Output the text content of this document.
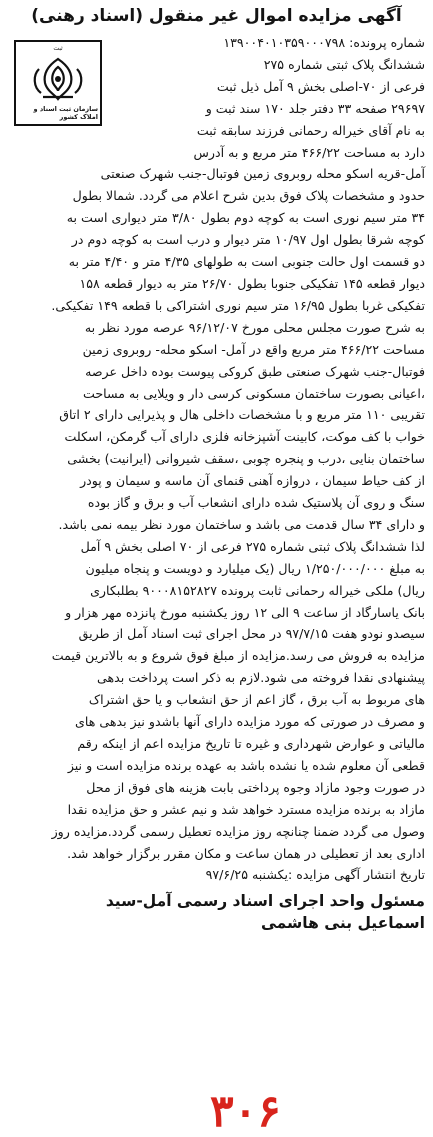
آگهی مزایده اموال غیر منقول (اسناد رهنی)
ثبت
سازمان ثبت اسناد و املاک کشور

شماره پرونده: ۱۳۹۰۰۴۰۱۰۳۵۹۰۰۰۷۹۸

ششدانگ پلاک ثبتی شماره ۲۷۵

فرعی از ۷۰-اصلی بخش ۹ آمل ذیل ثبت

۲۹۶۹۷ صفحه ۳۳ دفتر جلد ۱۷۰ سند ثبت و

به نام آقای خیراله رحمانی فرزند سابقه ثبت

دارد به مساحت ۴۶۶/۲۲ متر مربع و به آدرس

آمل-قریه اسکو محله روبروی زمین فوتبال-جنب شهرک صنعتی

حدود و مشخصات پلاک فوق بدین شرح اعلام می گردد. شمالا بطول

۳۴ متر سیم نوری است به کوچه دوم بطول ۳/۸۰ متر دیواری است به

کوچه شرقا بطول اول ۱۰/۹۷ متر دیوار و درب است به کوچه دوم در

دو قسمت اول حالت جنوبی است به طولهای ۴/۳۵ متر و ۴/۴۰ متر به

دیوار قطعه ۱۴۵ تفکیکی جنوبا بطول ۲۶/۷۰ متر به دیوار قطعه ۱۵۸

تفکیکی غربا بطول ۱۶/۹۵ متر سیم نوری اشتراکی با قطعه ۱۴۹ تفکیکی.

به شرح صورت مجلس محلی مورخ ۹۶/۱۲/۰۷ عرصه مورد نظر به

مساحت ۴۶۶/۲۲ متر مربع واقع در آمل- اسکو محله- روبروی زمین

فوتبال-جنب شهرک صنعتی طبق کروکی پیوست بوده داخل عرصه

،اعیانی بصورت ساختمان مسکونی کرسی دار و ویلایی به مساحت

تقریبی ۱۱۰ متر مربع و با مشخصات داخلی هال و پذیرایی دارای ۲ اتاق

خواب با کف موکت، کابینت آشپزخانه فلزی دارای آب گرمکن، اسکلت

ساختمان بنایی ،درب و پنجره چوبی ،سقف شیروانی (ایرانیت) بخشی

از کف حیاط سیمان ، دروازه آهنی قنمای آن ماسه و سیمان و پودر

سنگ و روی آن پلاستیک شده دارای انشعاب آب و برق و گاز بوده

و دارای ۳۴ سال قدمت می باشد و ساختمان مورد نظر بیمه نمی باشد.

لذا ششدانگ پلاک ثبتی شماره ۲۷۵ فرعی از ۷۰ اصلی بخش ۹ آمل

به مبلغ ۱/۲۵۰/۰۰۰/۰۰۰ ریال (یک میلیارد و دویست و پنجاه میلیون

ریال) ملکی خیراله رحمانی ثابت پرونده ۹۰۰۰۸۱۵۲۸۲۷ بطلبکاری

بانک یاسارگاد از ساعت ۹ الی ۱۲ روز یکشنبه مورخ پانزده مهر هزار و

سیصدو نودو هفت ۹۷/۷/۱۵ در محل اجرای ثبت اسناد آمل از طریق

مزایده به فروش می رسد.مزایده از مبلغ فوق شروع و به بالاترین قیمت

پیشنهادی نقدا فروخته می شود.لازم به ذکر است پرداخت بدهی

های مربوط به آب برق ، گاز اعم از حق انشعاب و یا حق اشتراک

و مصرف در صورتی که مورد مزایده دارای آنها باشدو نیز بدهی های

مالیاتی و عوارض شهرداری و غیره تا تاریخ مزایده اعم از اینکه رقم

قطعی آن معلوم شده یا نشده باشد به عهده برنده مزایده است و نیز

در صورت وجود مازاد وجوه پرداختی بابت هزینه های فوق از محل

مازاد به برنده مزایده مسترد خواهد شد و نیم عشر و حق مزایده نقدا

وصول می گردد ضمنا چنانچه روز مزایده تعطیل رسمی گردد.مزایده روز

اداری بعد از تعطیلی در همان ساعت و مکان مقرر برگزار خواهد شد.

تاریخ انتشار آگهی مزایده :یکشنبه ۹۷/۶/۲۵

مسئول واحد اجرای اسناد رسمی آمل-سید
اسماعیل بنی هاشمی
۳۰۶
